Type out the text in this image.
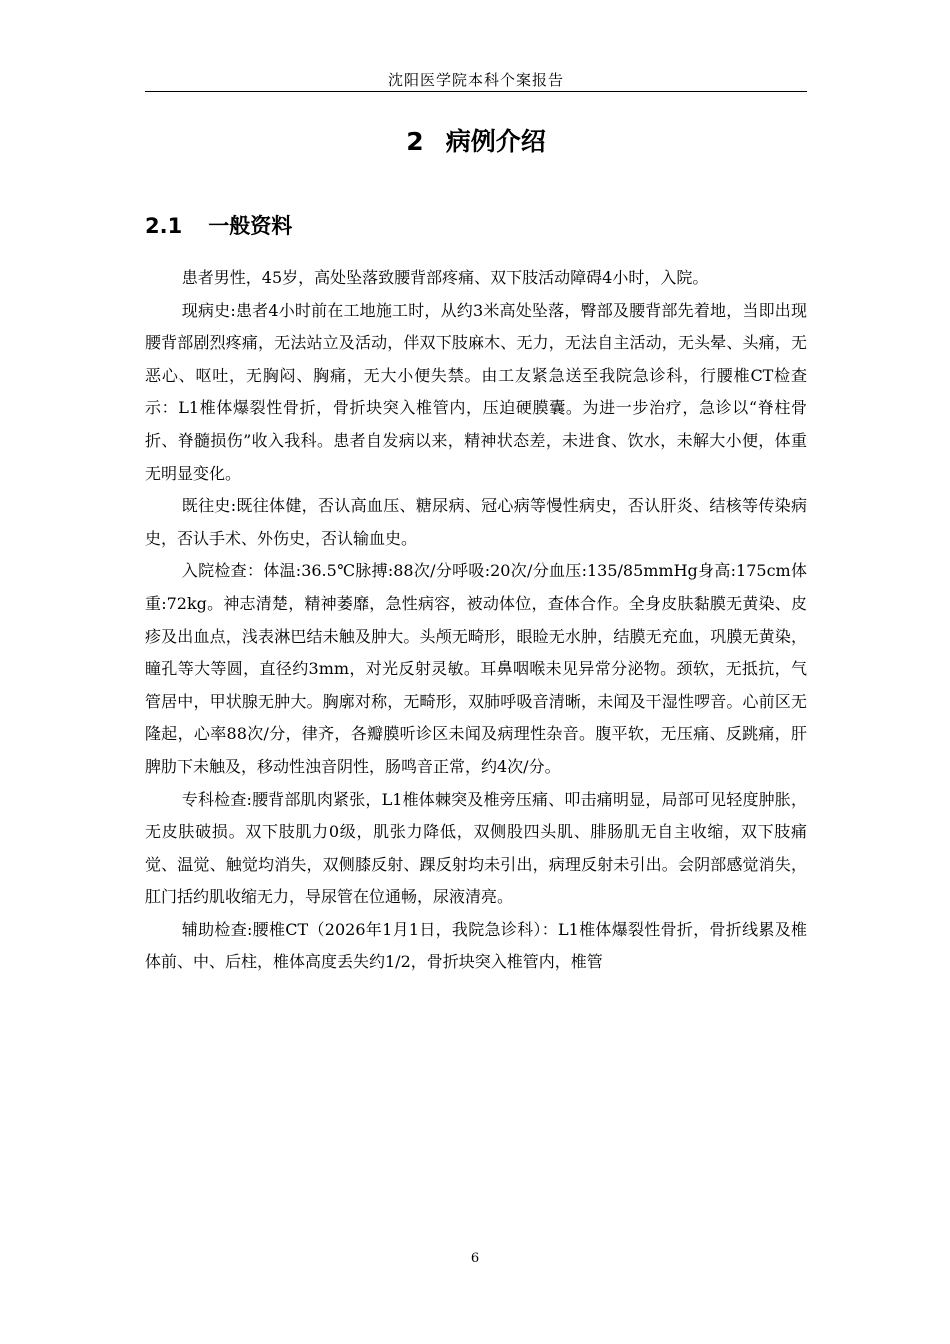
沈阳医学院本科个案报告
2 病例介绍
2.1 一般资料

患者男性，45岁，高处坠落致腰背部疼痛、双下肢活动障碍4小时，入院。

现病史:患者4小时前在工地施工时，从约3米高处坠落，臀部及腰背部先着地，当即出现腰背部剧烈疼痛，无法站立及活动，伴双下肢麻木、无力，无法自主活动，无头晕、头痛，无恶心、呕吐，无胸闷、胸痛，无大小便失禁。由工友紧急送至我院急诊科，行腰椎CT检查示：L1椎体爆裂性骨折，骨折块突入椎管内，压迫硬膜囊。为进一步治疗，急诊以“脊柱骨折、脊髓损伤”收入我科。患者自发病以来，精神状态差，未进食、饮水，未解大小便，体重无明显变化。

既往史:既往体健，否认高血压、糖尿病、冠心病等慢性病史，否认肝炎、结核等传染病史，否认手术、外伤史，否认输血史。

入院检查：体温:36.5℃脉搏:88次/分呼吸:20次/分血压:135/85mmHg身高:175cm体重:72kg。神志清楚，精神萎靡，急性病容，被动体位，查体合作。全身皮肤黏膜无黄染、皮疹及出血点，浅表淋巴结未触及肿大。头颅无畸形，眼睑无水肿，结膜无充血，巩膜无黄染，瞳孔等大等圆，直径约3mm，对光反射灵敏。耳鼻咽喉未见异常分泌物。颈软，无抵抗，气管居中，甲状腺无肿大。胸廓对称，无畸形，双肺呼吸音清晰，未闻及干湿性啰音。心前区无隆起，心率88次/分，律齐，各瓣膜听诊区未闻及病理性杂音。腹平软，无压痛、反跳痛，肝脾肋下未触及，移动性浊音阴性，肠鸣音正常，约4次/分。

专科检查:腰背部肌肉紧张，L1椎体棘突及椎旁压痛、叩击痛明显，局部可见轻度肿胀，无皮肤破损。双下肢肌力0级，肌张力降低，双侧股四头肌、腓肠肌无自主收缩，双下肢痛觉、温觉、触觉均消失，双侧膝反射、踝反射均未引出，病理反射未引出。会阴部感觉消失，肛门括约肌收缩无力，导尿管在位通畅，尿液清亮。

辅助检查:腰椎CT（2026年1月1日，我院急诊科）：L1椎体爆裂性骨折，骨折线累及椎体前、中、后柱，椎体高度丢失约1/2，骨折块突入椎管内，椎管

6
